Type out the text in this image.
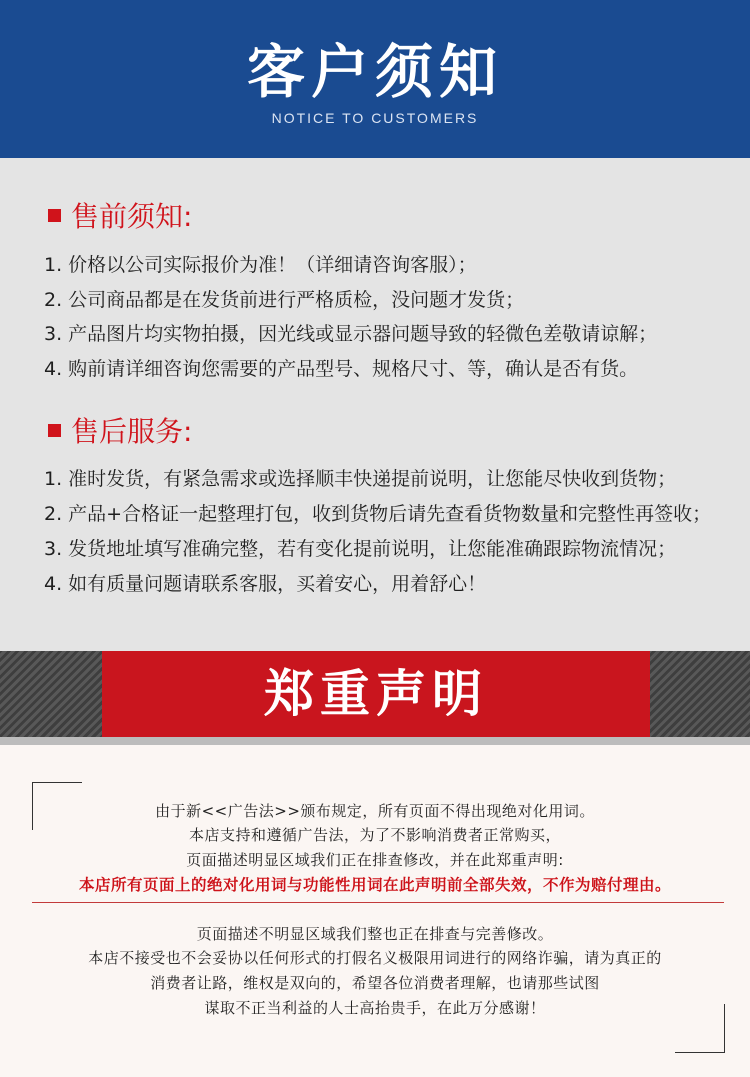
客户须知
NOTICE TO CUSTOMERS
售前须知:
1. 价格以公司实际报价为准！（详细请咨询客服）；
2. 公司商品都是在发货前进行严格质检，没问题才发货；
3. 产品图片均实物拍摄，因光线或显示器问题导致的轻微色差敬请谅解；
4. 购前请详细咨询您需要的产品型号、规格尺寸、等，确认是否有货。
售后服务:
1. 准时发货，有紧急需求或选择顺丰快递提前说明，让您能尽快收到货物；
2. 产品+合格证一起整理打包，收到货物后请先查看货物数量和完整性再签收；
3. 发货地址填写准确完整，若有变化提前说明，让您能准确跟踪物流情况；
4. 如有质量问题请联系客服，买着安心，用着舒心！
郑重声明
由于新<<广告法>>颁布规定，所有页面不得出现绝对化用词。
本店支持和遵循广告法，为了不影响消费者正常购买，
页面描述明显区域我们正在排查修改，并在此郑重声明:
本店所有页面上的绝对化用词与功能性用词在此声明前全部失效，不作为赔付理由。
页面描述不明显区域我们整也正在排查与完善修改。
本店不接受也不会妥协以任何形式的打假名义极限用词进行的网络诈骗，请为真正的
消费者让路，维权是双向的，希望各位消费者理解，也请那些试图
谋取不正当利益的人士高抬贵手，在此万分感谢！
